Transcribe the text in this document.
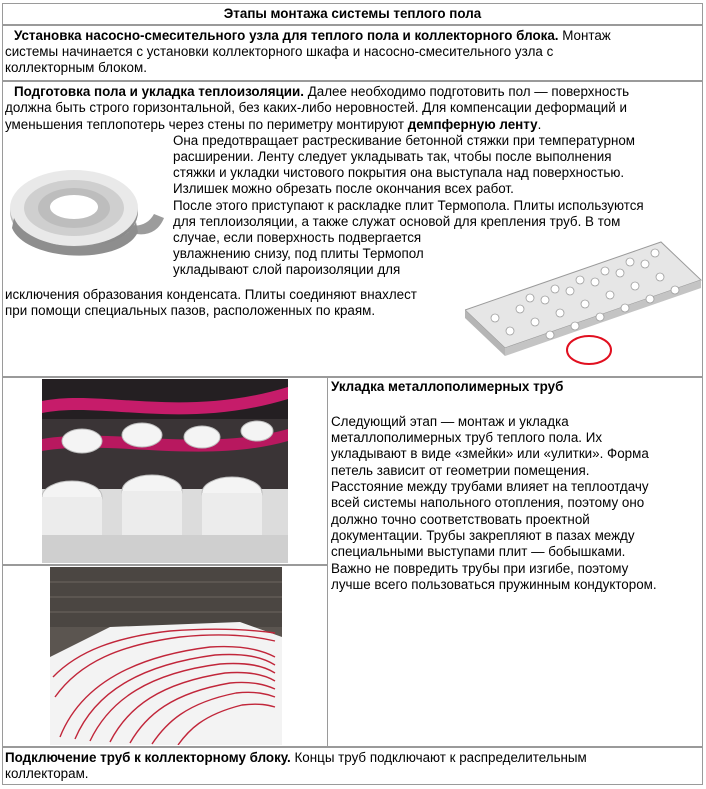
Этапы монтажа системы теплого пола
Установка насосно-смесительного узла для теплого пола и коллекторного блока. Монтаж
системы начинается с установки коллекторного шкафа и насосно-смесительного узла с
коллекторным блоком.
Подготовка пола и укладка теплоизоляции. Далее необходимо подготовить пол — поверхность
должна быть строго горизонтальной, без каких-либо неровностей. Для компенсации деформаций и
уменьшения теплопотерь через стены по периметру монтируют демпферную ленту.
Она предотвращает растрескивание бетонной стяжки при температурном
расширении. Ленту следует укладывать так, чтобы после выполнения
стяжки и укладки чистового покрытия она выступала над поверхностью.
Излишек можно обрезать после окончания всех работ.
После этого приступают к раскладке плит Термопола. Плиты используются
для теплоизоляции, а также служат основой для крепления труб. В том
случае, если поверхность подвергается
увлажнению снизу, под плиты Термопол
укладывают слой пароизоляции для
исключения образования конденсата. Плиты соединяют внахлест
при помощи специальных пазов, расположенных по краям.
Укладка металлополимерных труб
Следующий этап — монтаж и укладка
металлополимерных труб теплого пола. Их
укладывают в виде «змейки» или «улитки». Форма
петель зависит от геометрии помещения.
Расстояние между трубами влияет на теплоотдачу
всей системы напольного отопления, поэтому оно
должно точно соответствовать проектной
документации. Трубы закрепляют в пазах между
специальными выступами плит — бобышками.
Важно не повредить трубы при изгибе, поэтому
лучше всего пользоваться пружинным кондуктором.
Подключение труб к коллекторному блоку. Концы труб подключают к распределительным
коллекторам.
